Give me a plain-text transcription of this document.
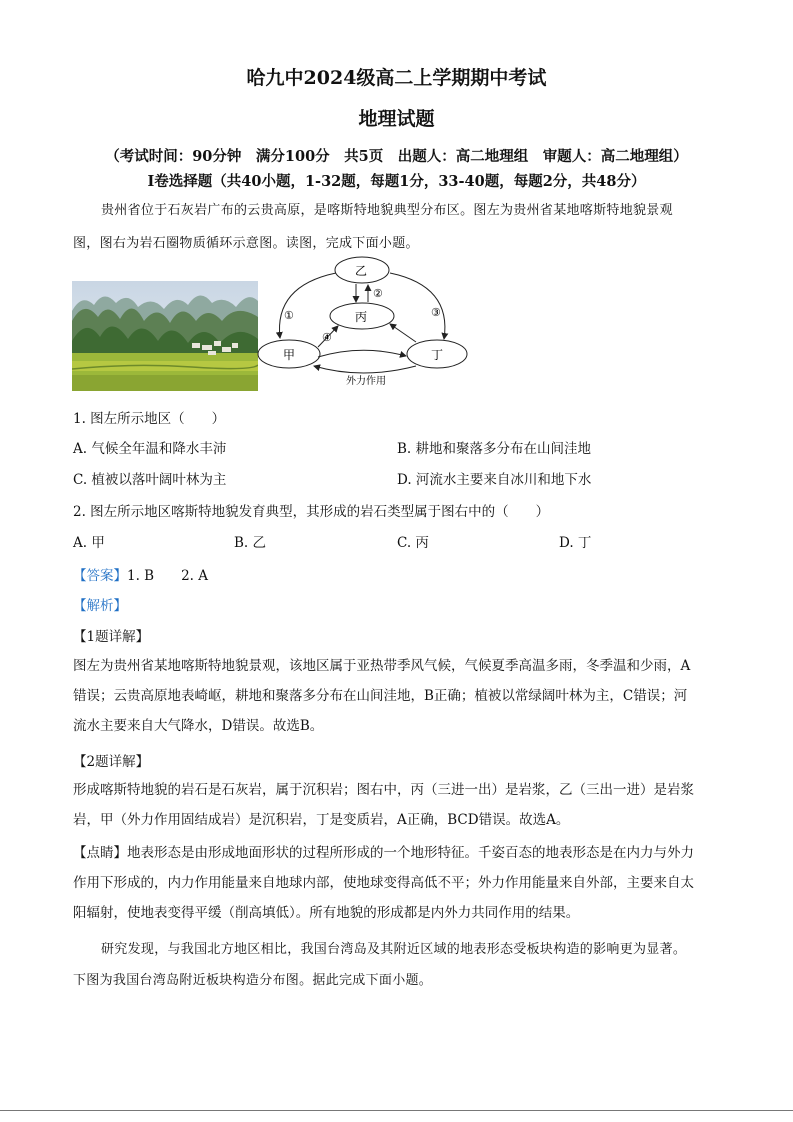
哈九中2024级高二上学期期中考试
地理试题
（考试时间：90分钟　满分100分　共5页　出题人：高二地理组　审题人：高二地理组）
Ⅰ卷选择题（共40小题，1-32题，每题1分，33-40题，每题2分，共48分）
贵州省位于石灰岩广布的云贵高原，是喀斯特地貌典型分布区。图左为贵州省某地喀斯特地貌景观
图，图右为岩石圈物质循环示意图。读图，完成下面小题。
乙
丙
甲	丁
①
②
③
④
外力作用
1. 图左所示地区（　　）
A. 气候全年温和降水丰沛	B. 耕地和聚落多分布在山间洼地
C. 植被以落叶阔叶林为主	D. 河流水主要来自冰川和地下水
2. 图左所示地区喀斯特地貌发育典型，其形成的岩石类型属于图右中的（　　）
A. 甲	B. 乙	C. 丙	D. 丁
【答案】1. B　　2. A
【解析】
【1题详解】
图左为贵州省某地喀斯特地貌景观，该地区属于亚热带季风气候，气候夏季高温多雨，冬季温和少雨，A
错误；云贵高原地表崎岖，耕地和聚落多分布在山间洼地，B正确；植被以常绿阔叶林为主，C错误；河
流水主要来自大气降水，D错误。故选B。
【2题详解】
形成喀斯特地貌的岩石是石灰岩，属于沉积岩；图右中，丙（三进一出）是岩浆，乙（三出一进）是岩浆
岩，甲（外力作用固结成岩）是沉积岩，丁是变质岩，A正确，BCD错误。故选A。
【点睛】地表形态是由形成地面形状的过程所形成的一个地形特征。千姿百态的地表形态是在内力与外力
作用下形成的，内力作用能量来自地球内部，使地球变得高低不平；外力作用能量来自外部，主要来自太
阳辐射，使地表变得平缓（削高填低）。所有地貌的形成都是内外力共同作用的结果。
研究发现，与我国北方地区相比，我国台湾岛及其附近区域的地表形态受板块构造的影响更为显著。
下图为我国台湾岛附近板块构造分布图。据此完成下面小题。
